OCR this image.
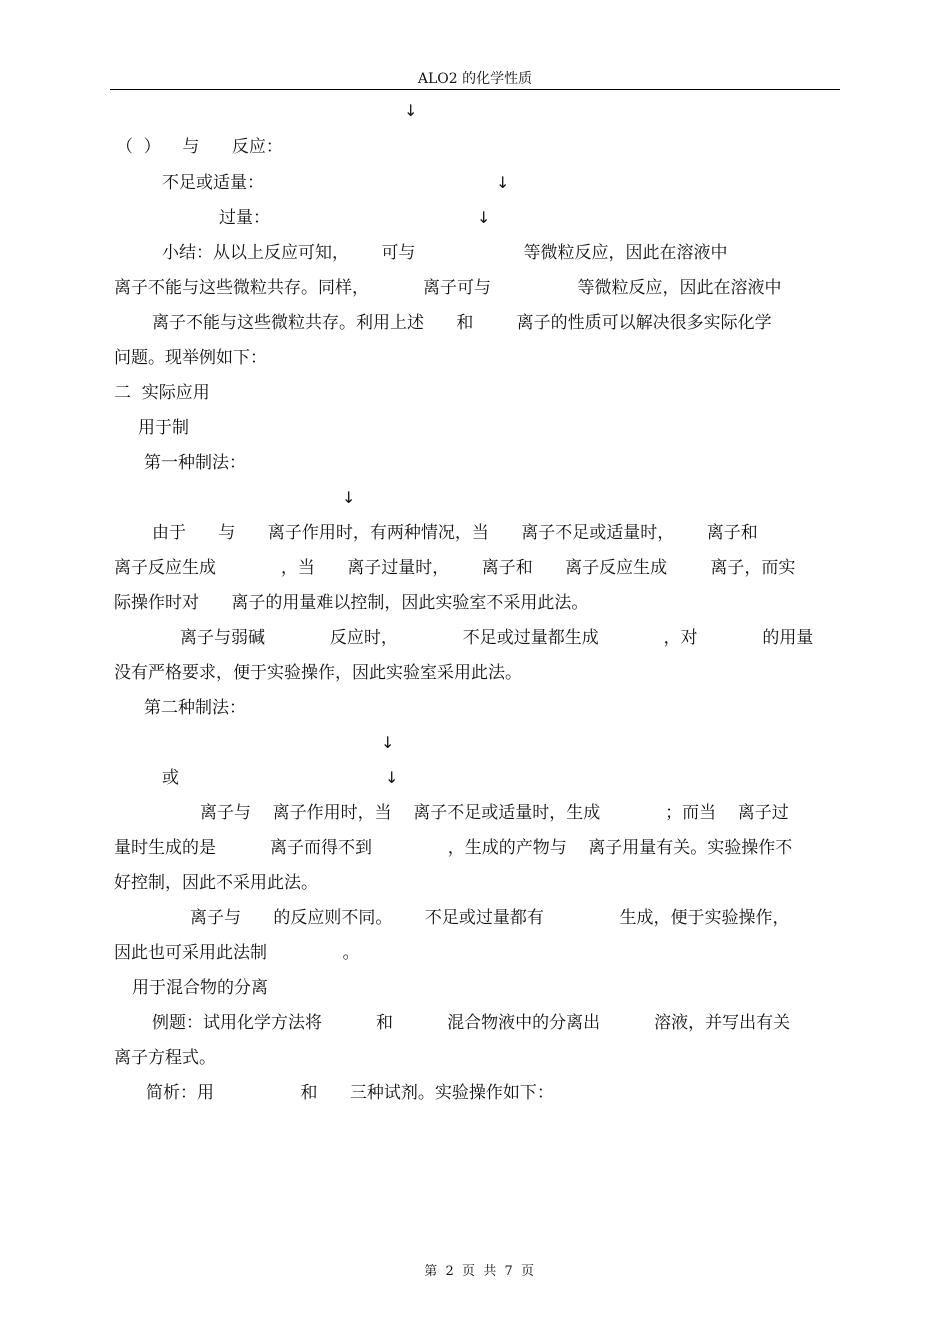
ALO2 的化学性质
↓
（  ）    与      反应：
不足或适量：	↓
过量：	↓
小结：从以上反应可知，      可与                    等微粒反应，因此在溶液中
离子不能与这些微粒共存。同样，          离子可与                等微粒反应，因此在溶液中
离子不能与这些微粒共存。利用上述      和        离子的性质可以解决很多实际化学
问题。现举例如下：
二  实际应用
用于制
第一种制法：
↓
由于      与      离子作用时，有两种情况，当      离子不足或适量时，      离子和
离子反应生成            ，当      离子过量时，      离子和      离子反应生成        离子，而实
际操作时对      离子的用量难以控制，因此实验室不采用此法。
离子与弱碱            反应时，            不足或过量都生成            ，对            的用量
没有严格要求，便于实验操作，因此实验室采用此法。
第二种制法：
↓
或	↓
离子与    离子作用时，当    离子不足或适量时，生成            ；而当    离子过
量时生成的是          离子而得不到              ，生成的产物与    离子用量有关。实验操作不
好控制，因此不采用此法。
离子与      的反应则不同。      不足或过量都有              生成，便于实验操作，
因此也可采用此法制              。
用于混合物的分离
例题：试用化学方法将          和          混合物液中的分离出          溶液，并写出有关
离子方程式。
简析：用                和      三种试剂。实验操作如下：

第  2  页  共  7  页
